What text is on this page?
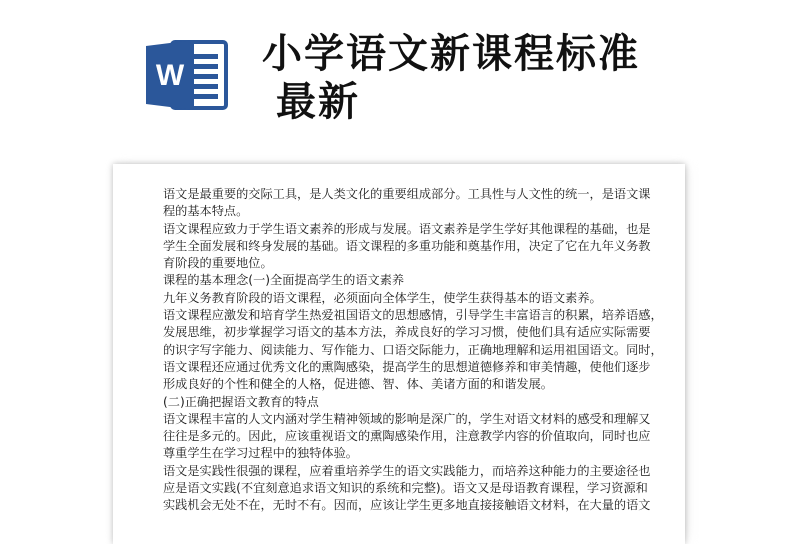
W 小学语文新课程标准
最新
语文是最重要的交际工具，是人类文化的重要组成部分。工具性与人文性的统一，是语文课
程的基本特点。
语文课程应致力于学生语文素养的形成与发展。语文素养是学生学好其他课程的基础，也是
学生全面发展和终身发展的基础。语文课程的多重功能和奠基作用，决定了它在九年义务教
育阶段的重要地位。
课程的基本理念(一)全面提高学生的语文素养
九年义务教育阶段的语文课程，必须面向全体学生，使学生获得基本的语文素养。
语文课程应激发和培育学生热爱祖国语文的思想感情，引导学生丰富语言的积累，培养语感，
发展思维，初步掌握学习语文的基本方法，养成良好的学习习惯，使他们具有适应实际需要
的识字写字能力、阅读能力、写作能力、口语交际能力，正确地理解和运用祖国语文。同时，
语文课程还应通过优秀文化的熏陶感染，提高学生的思想道德修养和审美情趣，使他们逐步
形成良好的个性和健全的人格，促进德、智、体、美诸方面的和谐发展。
(二)正确把握语文教育的特点
语文课程丰富的人文内涵对学生精神领域的影响是深广的，学生对语文材料的感受和理解又
往往是多元的。因此，应该重视语文的熏陶感染作用，注意教学内容的价值取向，同时也应
尊重学生在学习过程中的独特体验。
语文是实践性很强的课程，应着重培养学生的语文实践能力，而培养这种能力的主要途径也
应是语文实践(不宜刻意追求语文知识的系统和完整)。语文又是母语教育课程，学习资源和
实践机会无处不在，无时不有。因而，应该让学生更多地直接接触语文材料，在大量的语文
